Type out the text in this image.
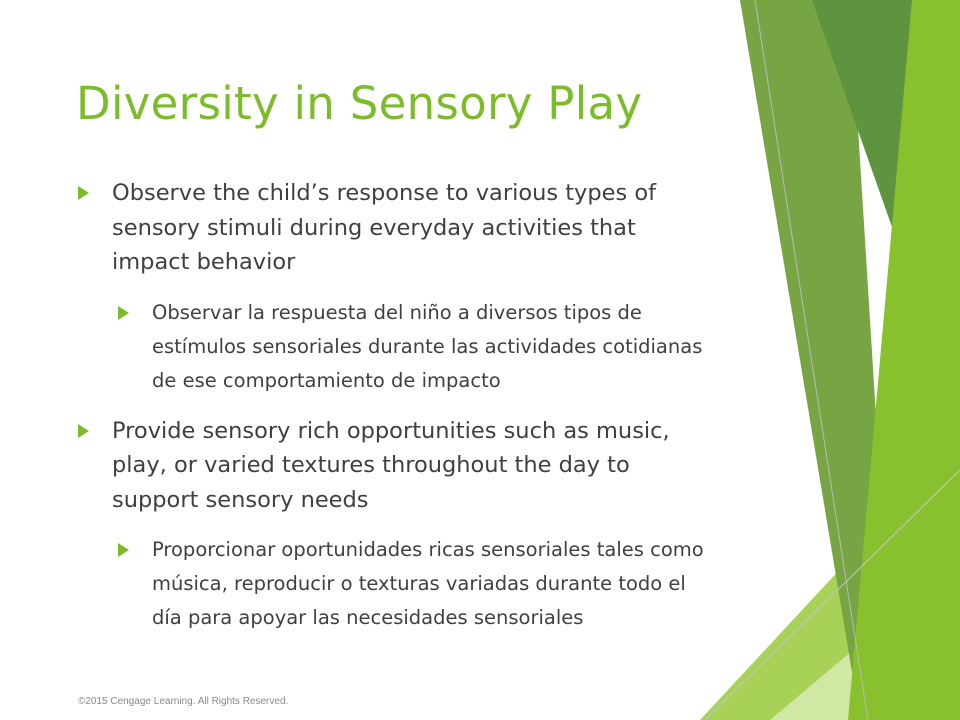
Diversity in Sensory Play
Observe the child’s response to various types of sensory stimuli during everyday activities that impact behavior
Observar la respuesta del niño a diversos tipos de estímulos sensoriales durante las actividades cotidianas de ese comportamiento de impacto
Provide sensory rich opportunities such as music, play, or varied textures throughout the day to support sensory needs
Proporcionar oportunidades ricas sensoriales tales como música, reproducir o texturas variadas durante todo el día para apoyar las necesidades sensoriales
©2015 Cengage Learning. All Rights Reserved.
